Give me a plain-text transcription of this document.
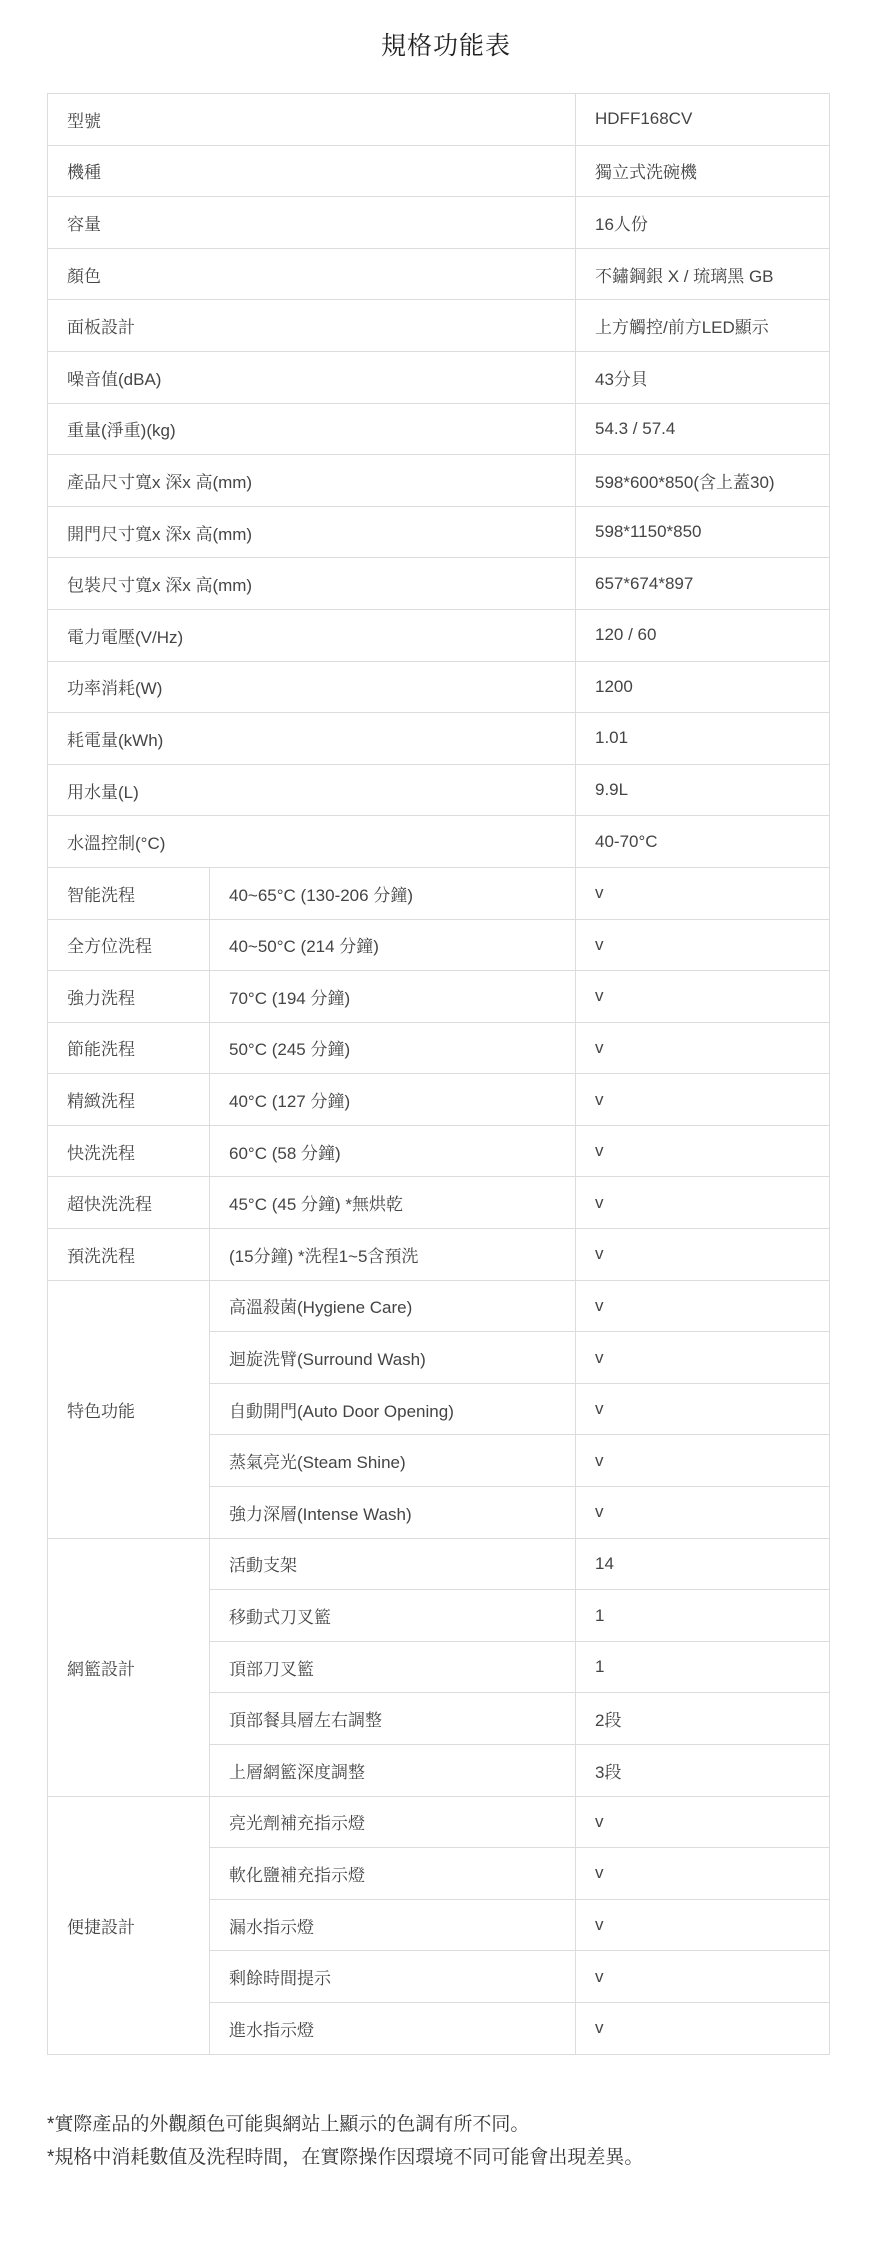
規格功能表
型號		HDFF168CV
機種		獨立式洗碗機
容量		16人份
顏色		不鏽鋼銀 X / 琉璃黑 GB
面板設計		上方觸控/前方LED顯示
噪音值(dBA)		43分貝
重量(淨重)(kg)		54.3 / 57.4
產品尺寸寬x 深x 高(mm)		598*600*850(含上蓋30)
開門尺寸寬x 深x 高(mm)		598*1150*850
包裝尺寸寬x 深x 高(mm)		657*674*897
電力電壓(V/Hz)		120 / 60
功率消耗(W)		1200
耗電量(kWh)		1.01
用水量(L)		9.9L
水溫控制(°C)		40-70°C
智能洗程	40~65°C (130-206 分鐘)	v
全方位洗程	40~50°C (214 分鐘)	v
強力洗程	70°C (194 分鐘)	v
節能洗程	50°C (245 分鐘)	v
精緻洗程	40°C (127 分鐘)	v
快洗洗程	60°C (58 分鐘)	v
超快洗洗程	45°C (45 分鐘) *無烘乾	v
預洗洗程	(15分鐘) *洗程1~5含預洗	v
特色功能	高溫殺菌(Hygiene Care)	v
	迴旋洗臂(Surround Wash)	v
	自動開門(Auto Door Opening)	v
	蒸氣亮光(Steam Shine)	v
	強力深層(Intense Wash)	v
網籃設計	活動支架	14
	移動式刀叉籃	1
	頂部刀叉籃	1
	頂部餐具層左右調整	2段
	上層網籃深度調整	3段
便捷設計	亮光劑補充指示燈	v
	軟化鹽補充指示燈	v
	漏水指示燈	v
	剩餘時間提示	v
	進水指示燈	v
*實際產品的外觀顏色可能與網站上顯示的色調有所不同。
*規格中消耗數值及洗程時間，在實際操作因環境不同可能會出現差異。
